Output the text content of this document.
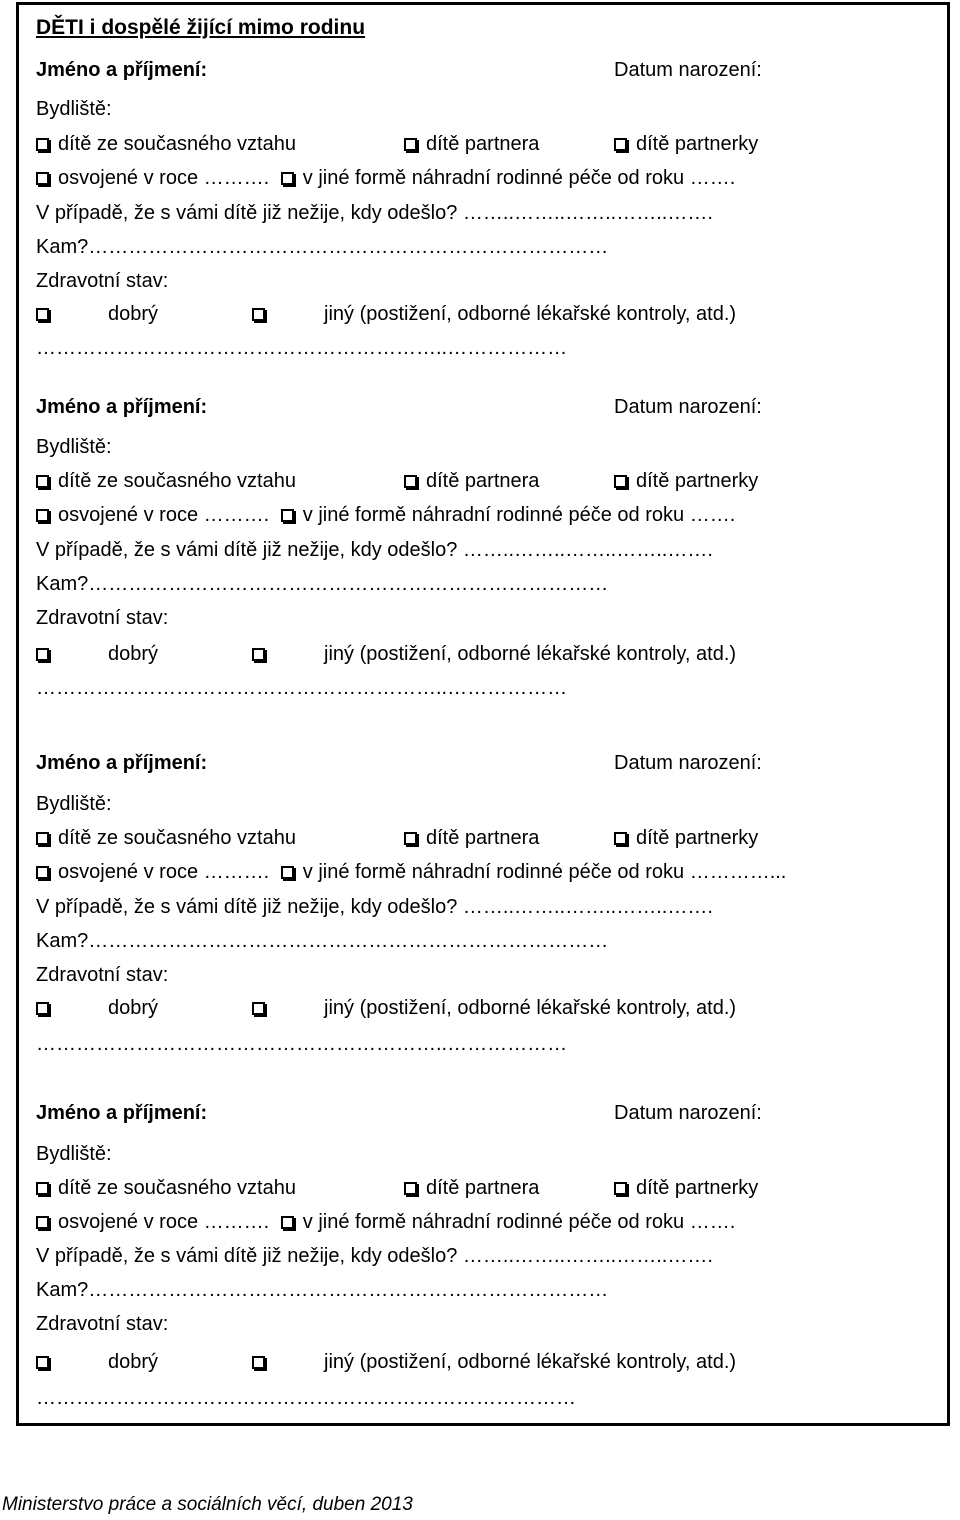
DĚTI i dospělé žijící mimo rodinu
Jméno a příjmení:	Datum narození:
Bydliště:
dítě ze současného vztahu	dítě partnera	dítě partnerky
osvojené v roce ………. v jiné formě náhradní rodinné péče od roku …….
V případě, že s vámi dítě již nežije, kdy odešlo? ……..……..……..……..…….
Kam?……………………………………………………………………
Zdravotní stav:
dobrý	jiný (postižení, odborné lékařské kontroly, atd.)
……………………………………………………..………………
Jméno a příjmení:	Datum narození:
Bydliště:
dítě ze současného vztahu	dítě partnera	dítě partnerky
osvojené v roce ………. v jiné formě náhradní rodinné péče od roku …….
V případě, že s vámi dítě již nežije, kdy odešlo? ……..……..……..……..…….
Kam?……………………………………………………………………
Zdravotní stav:
dobrý	jiný (postižení, odborné lékařské kontroly, atd.)
……………………………………………………..………………
Jméno a příjmení:	Datum narození:
Bydliště:
dítě ze současného vztahu	dítě partnera	dítě partnerky
osvojené v roce ………. v jiné formě náhradní rodinné péče od roku …………...
V případě, že s vámi dítě již nežije, kdy odešlo? ……..……..……..……..…….
Kam?……………………………………………………………………
Zdravotní stav:
dobrý	jiný (postižení, odborné lékařské kontroly, atd.)
……………………………………………………..………………
Jméno a příjmení:	Datum narození:
Bydliště:
dítě ze současného vztahu	dítě partnera	dítě partnerky
osvojené v roce ………. v jiné formě náhradní rodinné péče od roku …….
V případě, že s vámi dítě již nežije, kdy odešlo? ……..……..……..……..…….
Kam?……………………………………………………………………
Zdravotní stav:
dobrý	jiný (postižení, odborné lékařské kontroly, atd.)
………………………………………………………………………
Ministerstvo práce a sociálních věcí, duben 2013
